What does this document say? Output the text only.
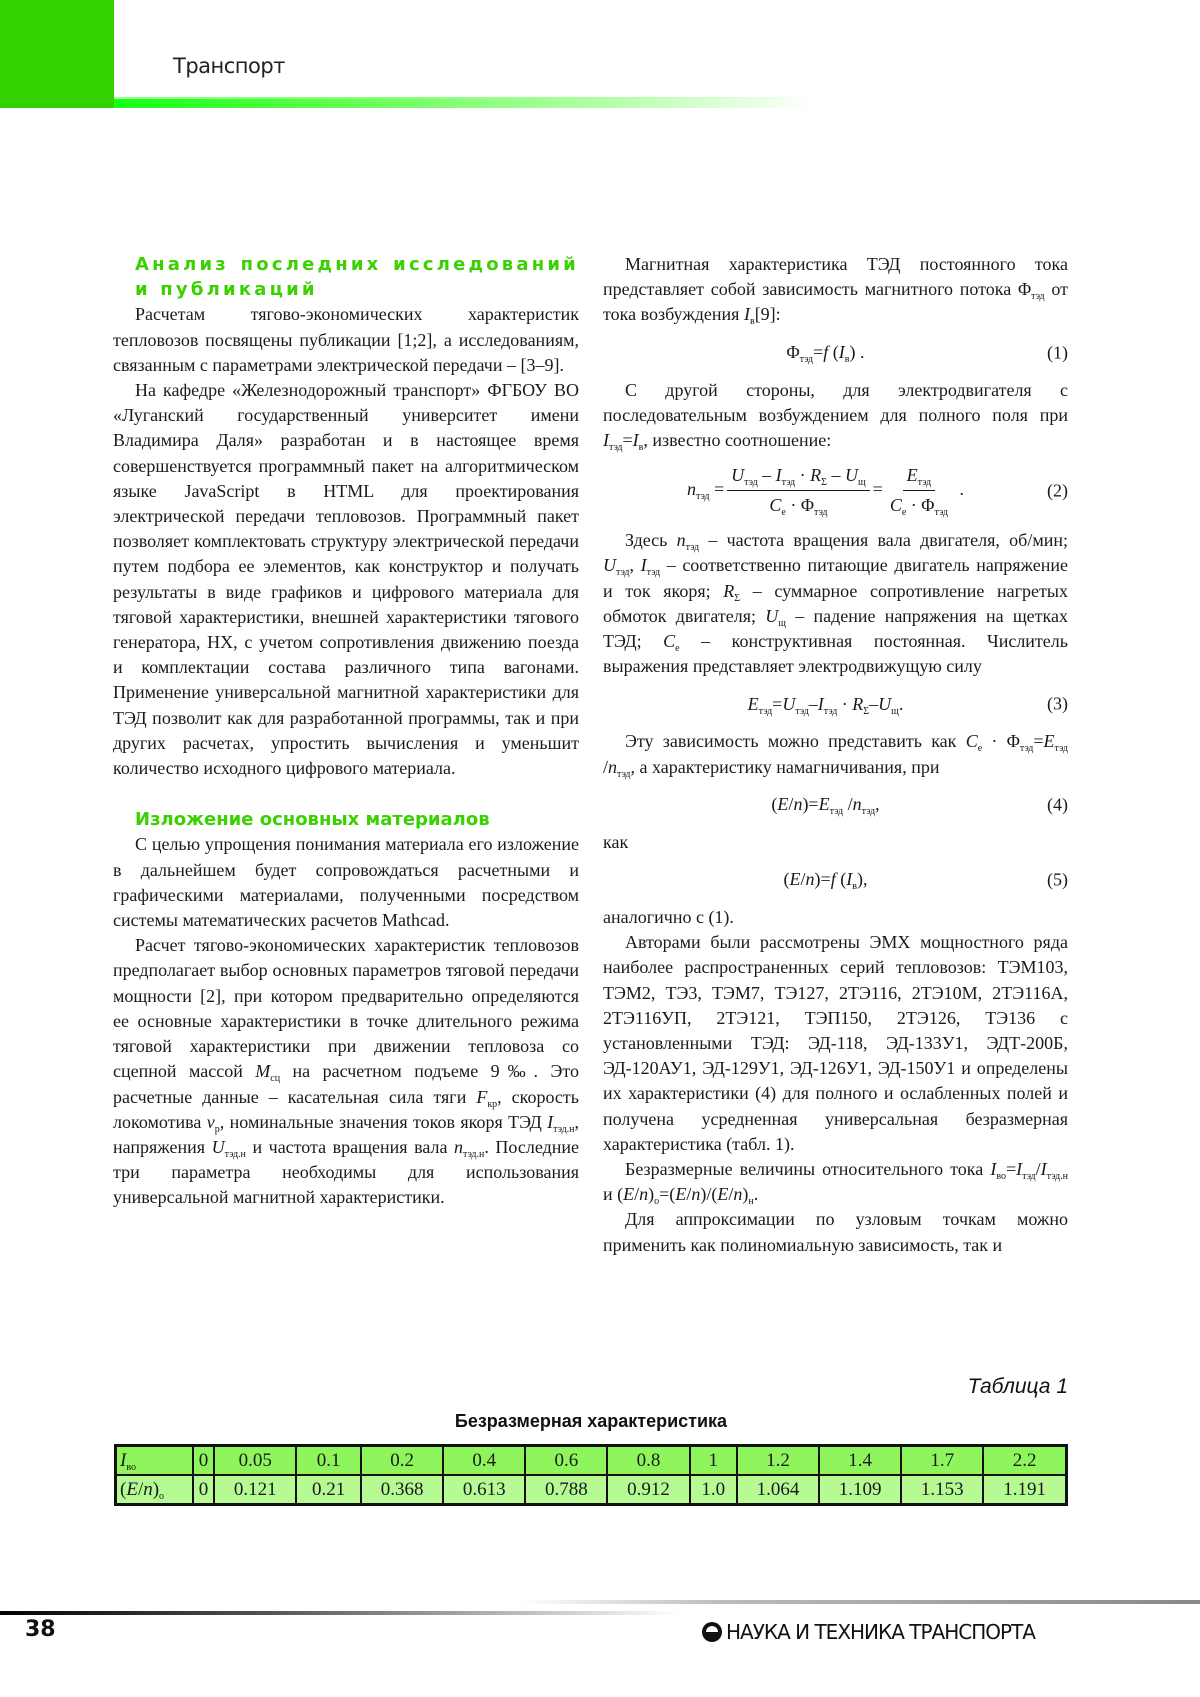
Транспорт
Анализ последних исследований и публикаций
Расчетам тягово-экономических характеристик тепловозов посвящены публикации [1;2], а исследованиям, связанным с параметрами электрической передачи – [3–9].
На кафедре «Железнодорожный транспорт» ФГБОУ ВО «Луганский государственный университет имени Владимира Даля» разработан и в настоящее время совершенствуется программный пакет на алгоритмическом языке JavaScript в HTML для проектирования электрической передачи тепловозов. Программный пакет позволяет комплектовать структуру электрической передачи путем подбора ее элементов, как конструктор и получать результаты в виде графиков и цифрового материала для тяговой характеристики, внешней характеристики тягового генератора, НХ, с учетом сопротивления движению поезда и комплектации состава различного типа вагонами. Применение универсальной магнитной характеристики для ТЭД позволит как для разработанной программы, так и при других расчетах, упростить вычисления и уменьшит количество исходного цифрового материала.
Изложение основных материалов
С целью упрощения понимания материала его изложение в дальнейшем будет сопровождаться расчетными и графическими материалами, полученными посредством системы математических расчетов Mathcad.
Расчет тягово-экономических характеристик тепловозов предполагает выбор основных параметров тяговой передачи мощности [2], при котором предварительно определяются ее основные характеристики в точке длительного режима тяговой характеристики при движении тепловоза со сцепной массой Mсц на расчетном подъеме 9‰. Это расчетные данные – касательная сила тяги Fкр, скорость локомотива vр, номинальные значения токов якоря ТЭД Iтэд.н, напряжения Uтэд.н и частота вращения вала nтэд.н. Последние три параметра необходимы для использования универсальной магнитной характеристики.
Магнитная характеристика ТЭД постоянного тока представляет собой зависимость магнитного потока Φтэд от тока возбуждения Iв[9]:
Φтэд=f (Iв) .	(1)
С другой стороны, для электродвигателя с последовательным возбуждением для полного поля при Iтэд=Iв, известно соотношение:
nтэд =
Uтэд – Iтэд · RΣ – Uщ
Cе · Φтэд
=
Eтэд
Cе · Φтэд
.	(2)
Здесь nтэд – частота вращения вала двигателя, об/мин; Uтэд, Iтэд – соответственно питающие двигатель напряжение и ток якоря; RΣ – суммарное сопротивление нагретых обмоток двигателя; Uщ – падение напряжения на щетках ТЭД; Cе – конструктивная постоянная. Числитель выражения представляет электродвижущую силу
Eтэд=Uтэд–Iтэд · RΣ–Uщ.	(3)
Эту зависимость можно представить как Cе · Φтэд=Eтэд /nтэд, а характеристику намагничивания, при
(E/n)=Eтэд /nтэд,	(4)
как
(E/n)=f (Iв),	(5)
аналогично с (1).
Авторами были рассмотрены ЭМХ мощностного ряда наиболее распространенных серий тепловозов: ТЭМ103, ТЭМ2, ТЭ3, ТЭМ7, ТЭ127, 2ТЭ116, 2ТЭ10М, 2ТЭ116А, 2ТЭ116УП, 2ТЭ121, ТЭП150, 2ТЭ126, ТЭ136 с установленными ТЭД: ЭД-118, ЭД-133У1, ЭДТ-200Б, ЭД-120АУ1, ЭД-129У1, ЭД-126У1, ЭД-150У1 и определены их характеристики (4) для полного и ослабленных полей и получена усредненная универсальная безразмерная характеристика (табл. 1).
Безразмерные величины относительного тока Iво=Iтэд/Iтэд.н и (E/n)о=(E/n)/(E/n)н.
Для аппроксимации по узловым точкам можно применить как полиномиальную зависимость, так и
Таблица 1
Безразмерная характеристика
Iво	0	0.05	0.1	0.2	0.4	0.6	0.8	1	1.2	1.4	1.7	2.2
(E/n)о	0	0.121	0.21	0.368	0.613	0.788	0.912	1.0	1.064	1.109	1.153	1.191
38	НАУКА И ТЕХНИКА ТРАНСПОРТА
